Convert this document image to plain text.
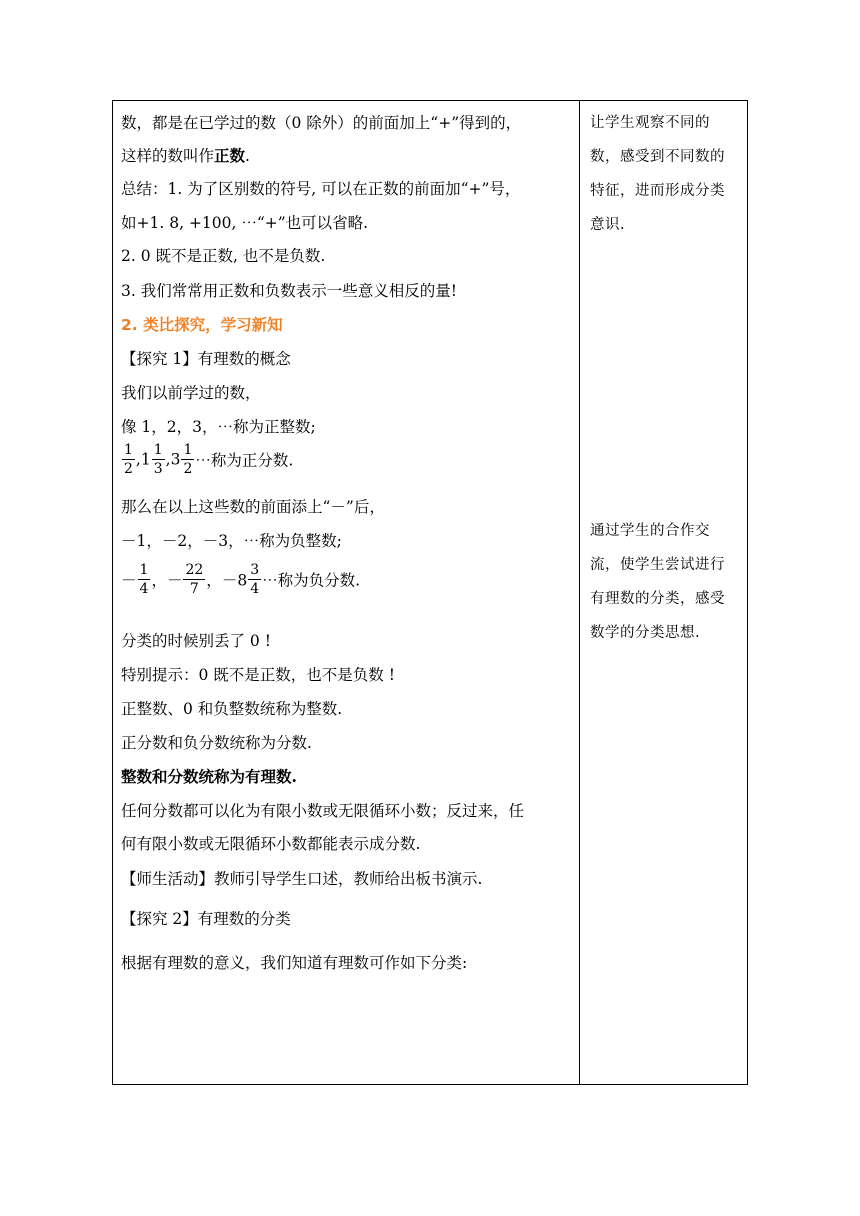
数，都是在已学过的数（0 除外）的前面加上“+”得到的，
这样的数叫作正数.
总结：1. 为了区别数的符号, 可以在正数的前面加“+”号，
如+1. 8, +100, ⋯“+”也可以省略.
2. 0 既不是正数, 也不是负数.
3. 我们常常用正数和负数表示一些意义相反的量!
2. 类比探究，学习新知
【探究 1】有理数的概念
我们以前学过的数，
像 1，2，3，⋯称为正整数;
$\frac{1}{2} ,1 \frac{1}{3} ,3 \frac{1}{2}$ ⋯称为正分数.
那么在以上这些数的前面添上“－”后，
－1，－2，－3，⋯称为负整数;
－ $\frac{1}{4}$ ，－ $\frac{22}{7}$ ，$-8 \frac{3}{4}$ ⋯称为负分数.
分类的时候别丢了 0 !
特别提示：0 既不是正数，也不是负数 !
正整数、0 和负整数统称为整数.
正分数和负分数统称为分数.
整数和分数统称为有理数.
任何分数都可以化为有限小数或无限循环小数；反过来，任
何有限小数或无限循环小数都能表示成分数.
【师生活动】教师引导学生口述，教师给出板书演示.
【探究 2】有理数的分类
根据有理数的意义，我们知道有理数可作如下分类:
让学生观察不同的
数，感受到不同数的
特征，进而形成分类
意识.
通过学生的合作交
流，使学生尝试进行
有理数的分类，感受
数学的分类思想.
